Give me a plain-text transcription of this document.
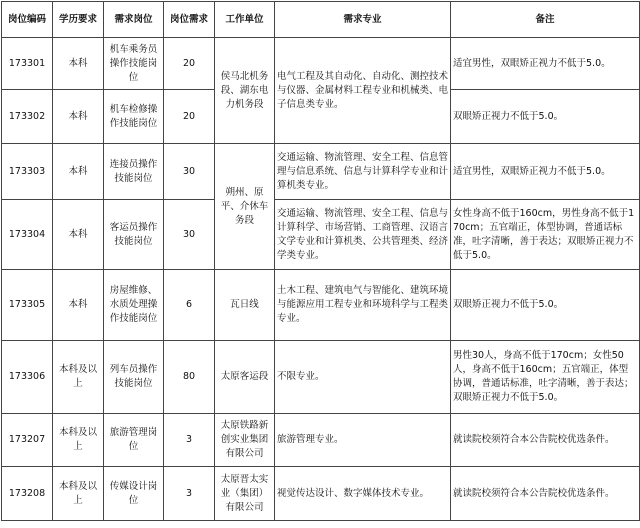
岗位编码	学历要求	需求岗位	岗位需求	工作单位	需求专业	备注
173301	本科	机车乘务员操作技能岗位	20	侯马北机务段、湖东电力机务段	电气工程及其自动化、自动化、测控技术与仪器、金属材料工程专业和机械类、电子信息类专业。	适宜男性，双眼矫正视力不低于5.0。
173302	本科	机车检修操作技能岗位	20			双眼矫正视力不低于5.0。
173303	本科	连接员操作技能岗位	30	朔州、原平、介休车务段	交通运输、物流管理、安全工程、信息管理与信息系统、信息与计算科学专业和计算机类专业。	适宜男性，双眼矫正视力不低于5.0。
173304	本科	客运员操作技能岗位	30		交通运输、物流管理、安全工程、信息与计算科学、市场营销、工商管理、汉语言文学专业和计算机类、公共管理类、经济学类专业。	女性身高不低于160cm，男性身高不低于170cm；五官端正，体型协调，普通话标准，吐字清晰，善于表达；双眼矫正视力不低于5.0。
173305	本科	房屋维修、水质处理操作技能岗位	6	瓦日线	土木工程、建筑电气与智能化、建筑环境与能源应用工程专业和环境科学与工程类专业。	双眼矫正视力不低于5.0。
173306	本科及以上	列车员操作技能岗位	80	太原客运段	不限专业。	男性30人，身高不低于170cm；女性50人，身高不低于160cm；五官端正，体型协调，普通话标准，吐字清晰，善于表达；双眼矫正视力不低于5.0。
173207	本科及以上	旅游管理岗位	3	太原铁路新创实业集团有限公司	旅游管理专业。	就读院校须符合本公告院校优选条件。
173208	本科及以上	传媒设计岗位	3	太原晋太实业（集团）有限公司	视觉传达设计、数字媒体技术专业。	就读院校须符合本公告院校优选条件。
